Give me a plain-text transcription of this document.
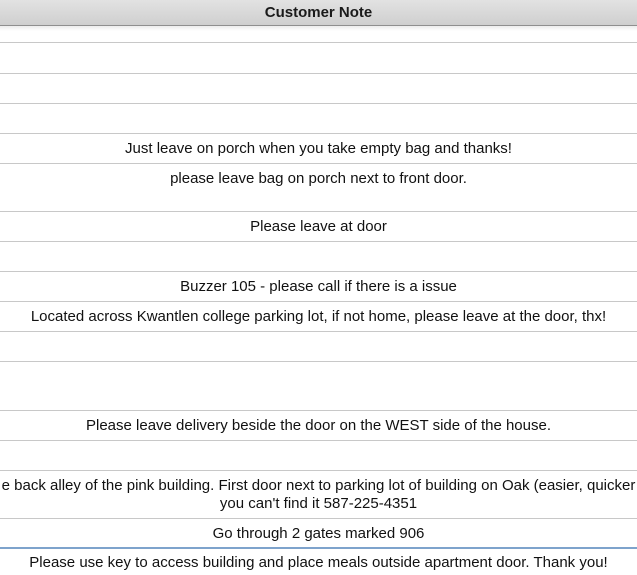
Customer Note
Just leave on porch when you take empty bag and thanks!
please leave bag on porch next to front door.
Please leave at door
Buzzer 105 - please call if there is a issue
Located across Kwantlen college parking lot, if not home, please leave at the door, thx!
Please leave delivery beside the door on the WEST side of the house.
e back alley of the pink building. First door next to parking lot of building on Oak (easier, quicker
you can't find it 587-225-4351
Go through 2 gates marked 906
Please use key to access building and place meals outside apartment door. Thank you!
